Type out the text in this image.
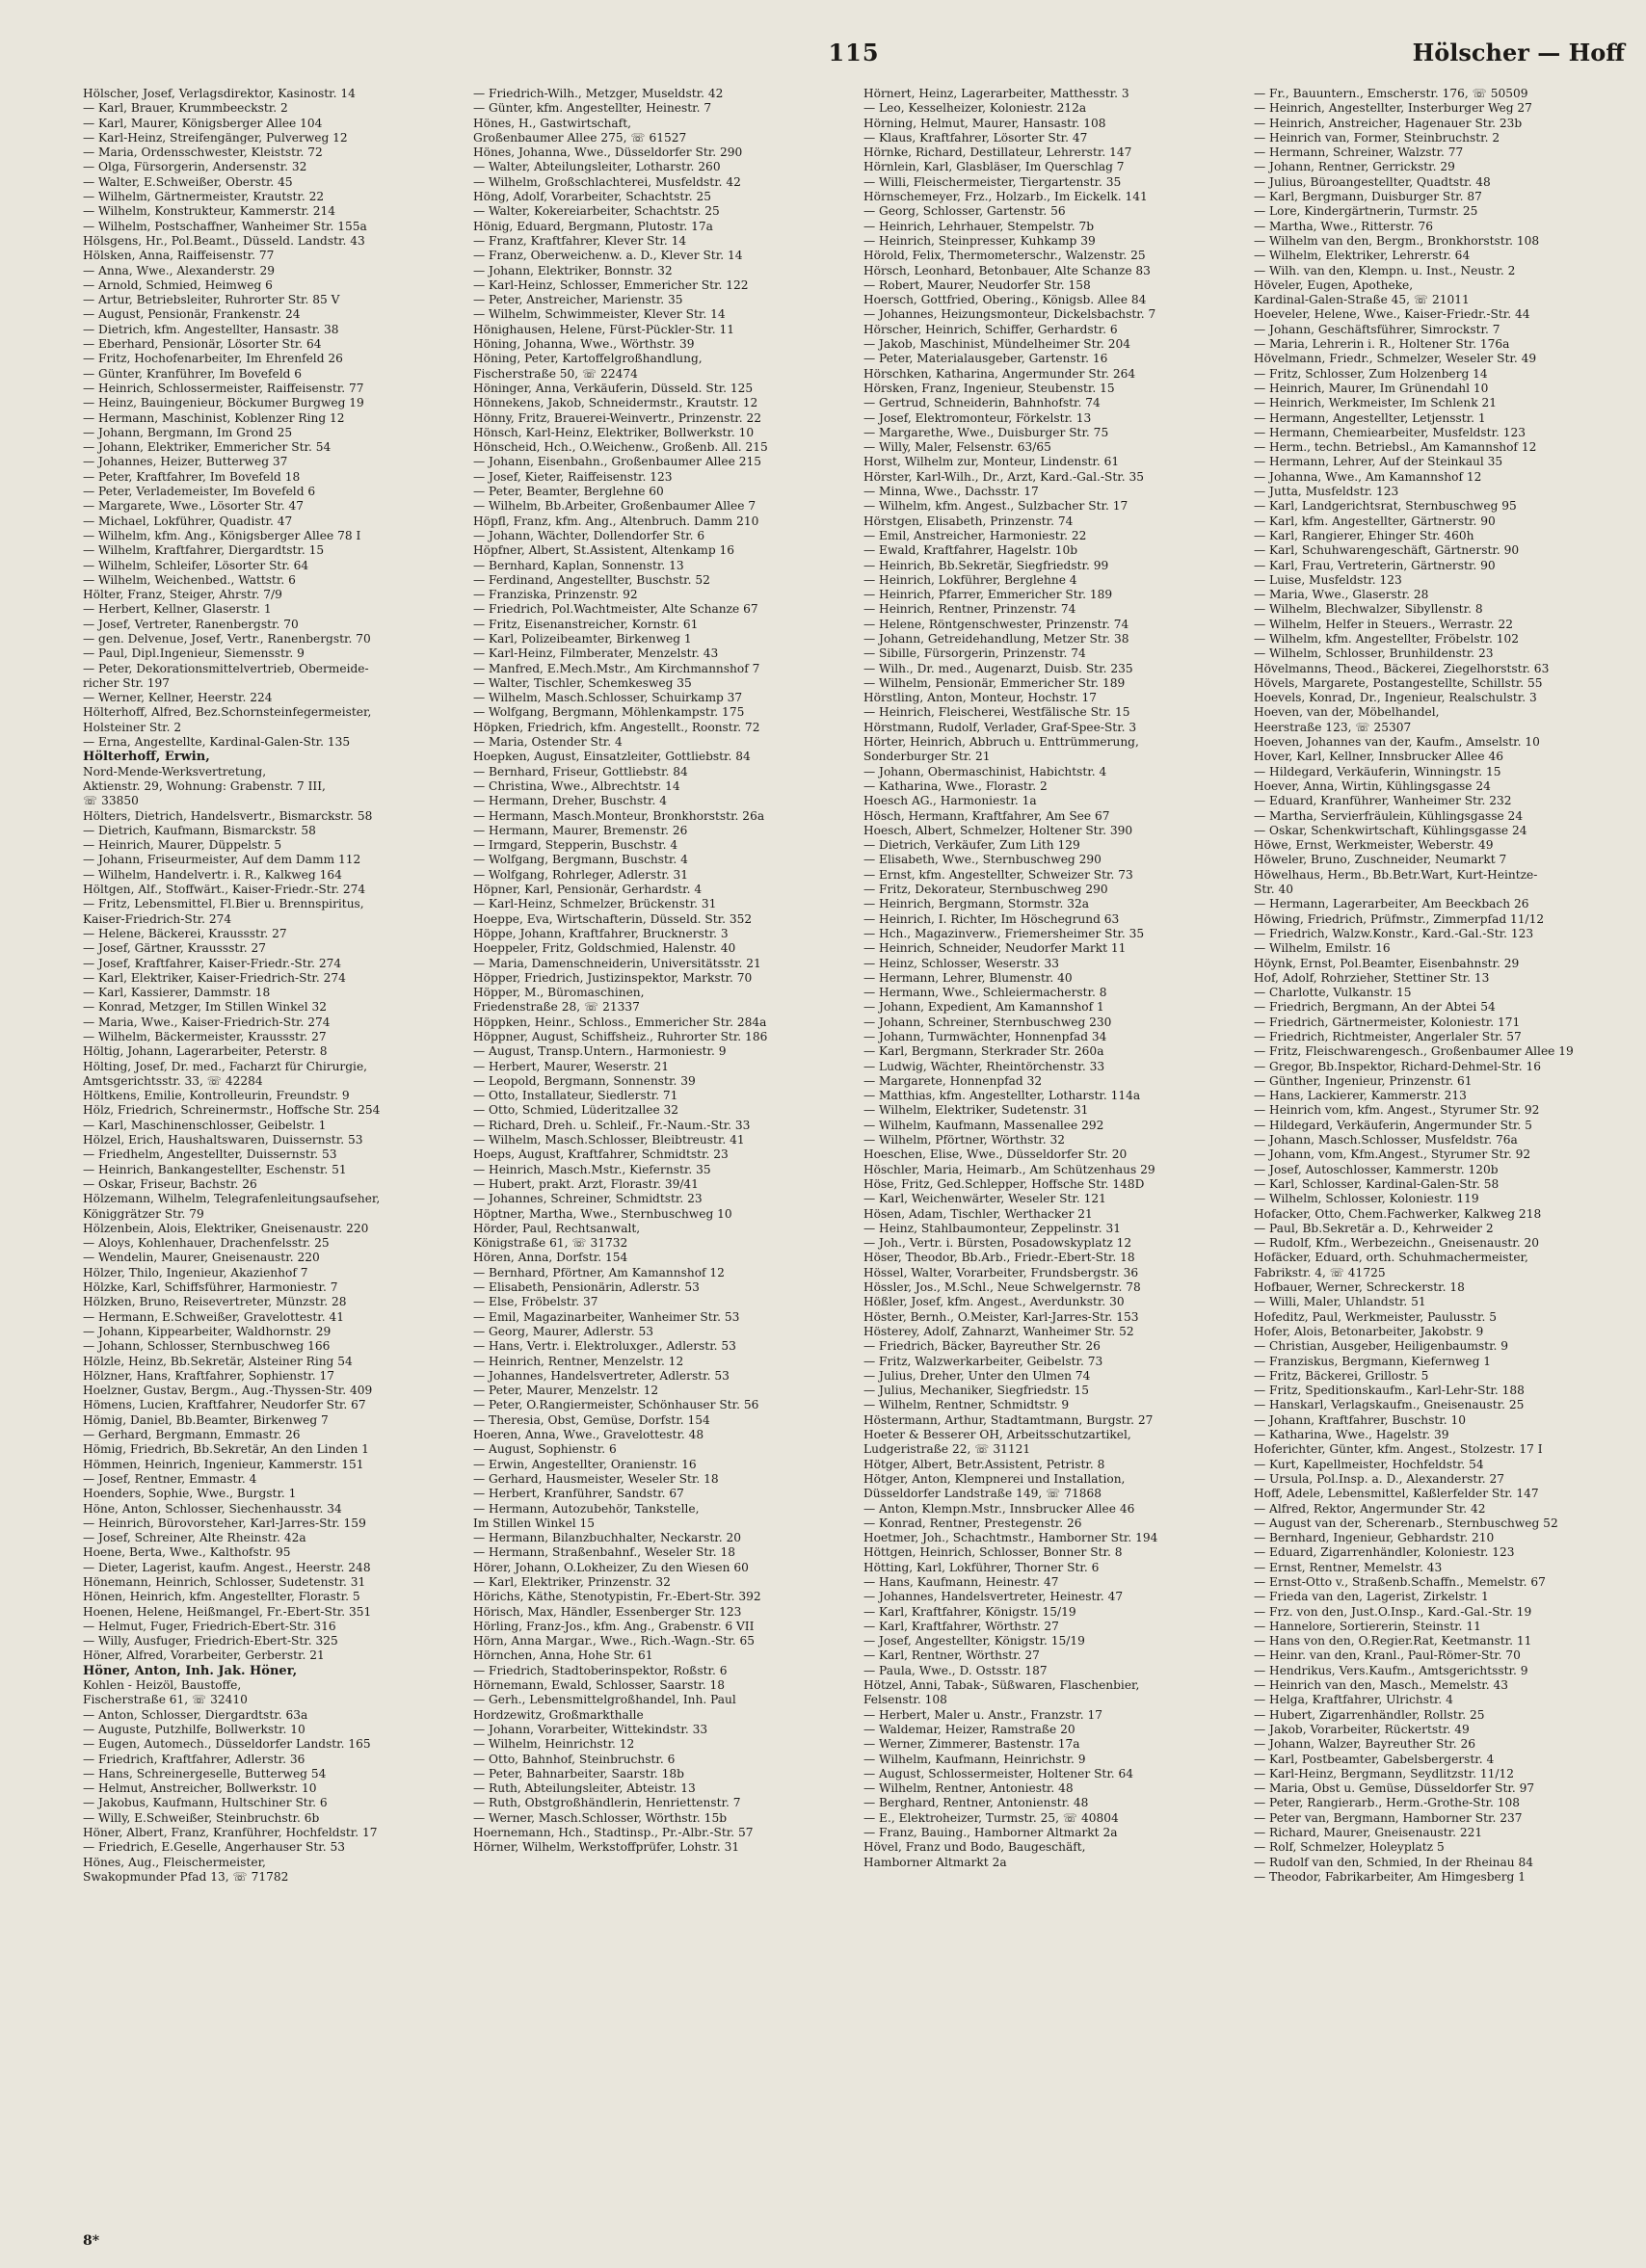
115	Hölscher — Hoff
Hölscher, Josef, Verlagsdirektor, Kasinostr. 14
— Karl, Brauer, Krummbeeckstr. 2
— Karl, Maurer, Königsberger Allee 104
— Karl-Heinz, Streifengänger, Pulverweg 12
— Maria, Ordensschwester, Kleiststr. 72
— Olga, Fürsorgerin, Andersenstr. 32
— Walter, E.Schweißer, Oberstr. 45
— Wilhelm, Gärtnermeister, Krautstr. 22
— Wilhelm, Konstrukteur, Kammerstr. 214
— Wilhelm, Postschaffner, Wanheimer Str. 155a
Hölsgens, Hr., Pol.Beamt., Düsseld. Landstr. 43
Hölsken, Anna, Raiffeisenstr. 77
— Anna, Wwe., Alexanderstr. 29
— Arnold, Schmied, Heimweg 6
— Artur, Betriebsleiter, Ruhrorter Str. 85 V
— August, Pensionär, Frankenstr. 24
— Dietrich, kfm. Angestellter, Hansastr. 38
— Eberhard, Pensionär, Lösorter Str. 64
— Fritz, Hochofenarbeiter, Im Ehrenfeld 26
— Günter, Kranführer, Im Bovefeld 6
— Heinrich, Schlossermeister, Raiffeisenstr. 77
— Heinz, Bauingenieur, Böckumer Burgweg 19
— Hermann, Maschinist, Koblenzer Ring 12
— Johann, Bergmann, Im Grond 25
— Johann, Elektriker, Emmericher Str. 54
— Johannes, Heizer, Butterweg 37
— Peter, Kraftfahrer, Im Bovefeld 18
— Peter, Verlademeister, Im Bovefeld 6
— Margarete, Wwe., Lösorter Str. 47
— Michael, Lokführer, Quadistr. 47
— Wilhelm, kfm. Ang., Königsberger Allee 78 I
— Wilhelm, Kraftfahrer, Diergardtstr. 15
— Wilhelm, Schleifer, Lösorter Str. 64
— Wilhelm, Weichenbed., Wattstr. 6
Hölter, Franz, Steiger, Ahrstr. 7/9
— Herbert, Kellner, Glaserstr. 1
— Josef, Vertreter, Ranenbergstr. 70
— gen. Delvenue, Josef, Vertr., Ranenbergstr. 70
— Paul, Dipl.Ingenieur, Siemensstr. 9
— Peter, Dekorationsmittelvertrieb, Obermeide-
richer Str. 197
— Werner, Kellner, Heerstr. 224
Hölterhoff, Alfred, Bez.Schornsteinfegermeister,
Holsteiner Str. 2
— Erna, Angestellte, Kardinal-Galen-Str. 135
Hölterhoff, Erwin,
Nord-Mende-Werksvertretung,
Aktienstr. 29, Wohnung: Grabenstr. 7 III,
☏ 33850
Hölters, Dietrich, Handelsvertr., Bismarckstr. 58
— Dietrich, Kaufmann, Bismarckstr. 58
— Heinrich, Maurer, Düppelstr. 5
— Johann, Friseurmeister, Auf dem Damm 112
— Wilhelm, Handelvertr. i. R., Kalkweg 164
Höltgen, Alf., Stoffwärt., Kaiser-Friedr.-Str. 274
— Fritz, Lebensmittel, Fl.Bier u. Brennspiritus,
Kaiser-Friedrich-Str. 274
— Helene, Bäckerei, Kraussstr. 27
— Josef, Gärtner, Kraussstr. 27
— Josef, Kraftfahrer, Kaiser-Friedr.-Str. 274
— Karl, Elektriker, Kaiser-Friedrich-Str. 274
— Karl, Kassierer, Dammstr. 18
— Konrad, Metzger, Im Stillen Winkel 32
— Maria, Wwe., Kaiser-Friedrich-Str. 274
— Wilhelm, Bäckermeister, Kraussstr. 27
Höltig, Johann, Lagerarbeiter, Peterstr. 8
Hölting, Josef, Dr. med., Facharzt für Chirurgie,
Amtsgerichtsstr. 33, ☏ 42284
Höltkens, Emilie, Kontrolleurin, Freundstr. 9
Hölz, Friedrich, Schreinermstr., Hoffsche Str. 254
— Karl, Maschinenschlosser, Geibelstr. 1
Hölzel, Erich, Haushaltswaren, Duissernstr. 53
— Friedhelm, Angestellter, Duissernstr. 53
— Heinrich, Bankangestellter, Eschenstr. 51
— Oskar, Friseur, Bachstr. 26
Hölzemann, Wilhelm, Telegrafenleitungsaufseher,
Königgrätzer Str. 79
Hölzenbein, Alois, Elektriker, Gneisenaustr. 220
— Aloys, Kohlenhauer, Drachenfelsstr. 25
— Wendelin, Maurer, Gneisenaustr. 220
Hölzer, Thilo, Ingenieur, Akazienhof 7
Hölzke, Karl, Schiffsführer, Harmoniestr. 7
Hölzken, Bruno, Reisevertreter, Münzstr. 28
— Hermann, E.Schweißer, Gravelottestr. 41
— Johann, Kippearbeiter, Waldhornstr. 29
— Johann, Schlosser, Sternbuschweg 166
Hölzle, Heinz, Bb.Sekretär, Alsteiner Ring 54
Hölzner, Hans, Kraftfahrer, Sophienstr. 17
Hoelzner, Gustav, Bergm., Aug.-Thyssen-Str. 409
Hömens, Lucien, Kraftfahrer, Neudorfer Str. 67
Hömig, Daniel, Bb.Beamter, Birkenweg 7
— Gerhard, Bergmann, Emmastr. 26
Hömig, Friedrich, Bb.Sekretär, An den Linden 1
Hömmen, Heinrich, Ingenieur, Kammerstr. 151
— Josef, Rentner, Emmastr. 4
Hoenders, Sophie, Wwe., Burgstr. 1
Höne, Anton, Schlosser, Siechenhausstr. 34
— Heinrich, Bürovorsteher, Karl-Jarres-Str. 159
— Josef, Schreiner, Alte Rheinstr. 42a
Hoene, Berta, Wwe., Kalthofstr. 95
— Dieter, Lagerist, kaufm. Angest., Heerstr. 248
Hönemann, Heinrich, Schlosser, Sudetenstr. 31
Hönen, Heinrich, kfm. Angestellter, Florastr. 5
Hoenen, Helene, Heißmangel, Fr.-Ebert-Str. 351
— Helmut, Fuger, Friedrich-Ebert-Str. 316
— Willy, Ausfuger, Friedrich-Ebert-Str. 325
Höner, Alfred, Vorarbeiter, Gerberstr. 21
Höner, Anton, Inh. Jak. Höner,
Kohlen - Heizöl, Baustoffe,
Fischerstraße 61, ☏ 32410
— Anton, Schlosser, Diergardtstr. 63a
— Auguste, Putzhilfe, Bollwerkstr. 10
— Eugen, Automech., Düsseldorfer Landstr. 165
— Friedrich, Kraftfahrer, Adlerstr. 36
— Hans, Schreinergeselle, Butterweg 54
— Helmut, Anstreicher, Bollwerkstr. 10
— Jakobus, Kaufmann, Hultschiner Str. 6
— Willy, E.Schweißer, Steinbruchstr. 6b
Höner, Albert, Franz, Kranführer, Hochfeldstr. 17
— Friedrich, E.Geselle, Angerhauser Str. 53
Hönes, Aug., Fleischermeister,
Swakopmunder Pfad 13, ☏ 71782
— Friedrich-Wilh., Metzger, Museldstr. 42
— Günter, kfm. Angestellter, Heinestr. 7
Hönes, H., Gastwirtschaft,
Großenbaumer Allee 275, ☏ 61527
Hönes, Johanna, Wwe., Düsseldorfer Str. 290
— Walter, Abteilungsleiter, Lotharstr. 260
— Wilhelm, Großschlachterei, Musfeldstr. 42
Höng, Adolf, Vorarbeiter, Schachtstr. 25
— Walter, Kokereiarbeiter, Schachtstr. 25
Hönig, Eduard, Bergmann, Plutostr. 17a
— Franz, Kraftfahrer, Klever Str. 14
— Franz, Oberweichenw. a. D., Klever Str. 14
— Johann, Elektriker, Bonnstr. 32
— Karl-Heinz, Schlosser, Emmericher Str. 122
— Peter, Anstreicher, Marienstr. 35
— Wilhelm, Schwimmeister, Klever Str. 14
Hönighausen, Helene, Fürst-Pückler-Str. 11
Höning, Johanna, Wwe., Wörthstr. 39
Höning, Peter, Kartoffelgroßhandlung,
Fischerstraße 50, ☏ 22474
Höninger, Anna, Verkäuferin, Düsseld. Str. 125
Hönnekens, Jakob, Schneidermstr., Krautstr. 12
Hönny, Fritz, Brauerei-Weinvertr., Prinzenstr. 22
Hönsch, Karl-Heinz, Elektriker, Bollwerkstr. 10
Hönscheid, Hch., O.Weichenw., Großenb. All. 215
— Johann, Eisenbahn., Großenbaumer Allee 215
— Josef, Kieter, Raiffeisenstr. 123
— Peter, Beamter, Berglehne 60
— Wilhelm, Bb.Arbeiter, Großenbaumer Allee 7
Höpfl, Franz, kfm. Ang., Altenbruch. Damm 210
— Johann, Wächter, Dollendorfer Str. 6
Höpfner, Albert, St.Assistent, Altenkamp 16
— Bernhard, Kaplan, Sonnenstr. 13
— Ferdinand, Angestellter, Buschstr. 52
— Franziska, Prinzenstr. 92
— Friedrich, Pol.Wachtmeister, Alte Schanze 67
— Fritz, Eisenanstreicher, Kornstr. 61
— Karl, Polizeibeamter, Birkenweg 1
— Karl-Heinz, Filmberater, Menzelstr. 43
— Manfred, E.Mech.Mstr., Am Kirchmannshof 7
— Walter, Tischler, Schemkesweg 35
— Wilhelm, Masch.Schlosser, Schuirkamp 37
— Wolfgang, Bergmann, Möhlenkampstr. 175
Höpken, Friedrich, kfm. Angestellt., Roonstr. 72
— Maria, Ostender Str. 4
Hoepken, August, Einsatzleiter, Gottliebstr. 84
— Bernhard, Friseur, Gottliebstr. 84
— Christina, Wwe., Albrechtstr. 14
— Hermann, Dreher, Buschstr. 4
— Hermann, Masch.Monteur, Bronkhorststr. 26a
— Hermann, Maurer, Bremenstr. 26
— Irmgard, Stepperin, Buschstr. 4
— Wolfgang, Bergmann, Buschstr. 4
— Wolfgang, Rohrleger, Adlerstr. 31
Höpner, Karl, Pensionär, Gerhardstr. 4
— Karl-Heinz, Schmelzer, Brückenstr. 31
Hoeppe, Eva, Wirtschafterin, Düsseld. Str. 352
Höppe, Johann, Kraftfahrer, Brucknerstr. 3
Hoeppeler, Fritz, Goldschmied, Halenstr. 40
— Maria, Damenschneiderin, Universitätsstr. 21
Höpper, Friedrich, Justizinspektor, Markstr. 70
Höpper, M., Büromaschinen,
Friedenstraße 28, ☏ 21337
Höppken, Heinr., Schloss., Emmericher Str. 284a
Höppner, August, Schiffsheiz., Ruhrorter Str. 186
— August, Transp.Untern., Harmoniestr. 9
— Herbert, Maurer, Weserstr. 21
— Leopold, Bergmann, Sonnenstr. 39
— Otto, Installateur, Siedlerstr. 71
— Otto, Schmied, Lüderitzallee 32
— Richard, Dreh. u. Schleif., Fr.-Naum.-Str. 33
— Wilhelm, Masch.Schlosser, Bleibtreustr. 41
Hoeps, August, Kraftfahrer, Schmidtstr. 23
— Heinrich, Masch.Mstr., Kiefernstr. 35
— Hubert, prakt. Arzt, Florastr. 39/41
— Johannes, Schreiner, Schmidtstr. 23
Höptner, Martha, Wwe., Sternbuschweg 10
Hörder, Paul, Rechtsanwalt,
Königstraße 61, ☏ 31732
Hören, Anna, Dorfstr. 154
— Bernhard, Pförtner, Am Kamannshof 12
— Elisabeth, Pensionärin, Adlerstr. 53
— Else, Fröbelstr. 37
— Emil, Magazinarbeiter, Wanheimer Str. 53
— Georg, Maurer, Adlerstr. 53
— Hans, Vertr. i. Elektroluxger., Adlerstr. 53
— Heinrich, Rentner, Menzelstr. 12
— Johannes, Handelsvertreter, Adlerstr. 53
— Peter, Maurer, Menzelstr. 12
— Peter, O.Rangiermeister, Schönhauser Str. 56
— Theresia, Obst, Gemüse, Dorfstr. 154
Hoeren, Anna, Wwe., Gravelottestr. 48
— August, Sophienstr. 6
— Erwin, Angestellter, Oranienstr. 16
— Gerhard, Hausmeister, Weseler Str. 18
— Herbert, Kranführer, Sandstr. 67
— Hermann, Autozubehör, Tankstelle,
Im Stillen Winkel 15
— Hermann, Bilanzbuchhalter, Neckarstr. 20
— Hermann, Straßenbahnf., Weseler Str. 18
Hörer, Johann, O.Lokheizer, Zu den Wiesen 60
— Karl, Elektriker, Prinzenstr. 32
Hörichs, Käthe, Stenotypistin, Fr.-Ebert-Str. 392
Hörisch, Max, Händler, Essenberger Str. 123
Hörling, Franz-Jos., kfm. Ang., Grabenstr. 6 VII
Hörn, Anna Margar., Wwe., Rich.-Wagn.-Str. 65
Hörnchen, Anna, Hohe Str. 61
— Friedrich, Stadtoberinspektor, Roßstr. 6
Hörnemann, Ewald, Schlosser, Saarstr. 18
— Gerh., Lebensmittelgroßhandel, Inh. Paul
Hordzewitz, Großmarkthalle
— Johann, Vorarbeiter, Wittekindstr. 33
— Wilhelm, Heinrichstr. 12
— Otto, Bahnhof, Steinbruchstr. 6
— Peter, Bahnarbeiter, Saarstr. 18b
— Ruth, Abteilungsleiter, Abteistr. 13
— Ruth, Obstgroßhändlerin, Henriettenstr. 7
— Werner, Masch.Schlosser, Wörthstr. 15b
Hoernemann, Hch., Stadtinsp., Pr.-Albr.-Str. 57
Hörner, Wilhelm, Werkstoffprüfer, Lohstr. 31
Hörnert, Heinz, Lagerarbeiter, Matthesstr. 3
— Leo, Kesselheizer, Koloniestr. 212a
Hörning, Helmut, Maurer, Hansastr. 108
— Klaus, Kraftfahrer, Lösorter Str. 47
Hörnke, Richard, Destillateur, Lehrerstr. 147
Hörnlein, Karl, Glasbläser, Im Querschlag 7
— Willi, Fleischermeister, Tiergartenstr. 35
Hörnschemeyer, Frz., Holzarb., Im Eickelk. 141
— Georg, Schlosser, Gartenstr. 56
— Heinrich, Lehrhauer, Stempelstr. 7b
— Heinrich, Steinpresser, Kuhkamp 39
Hörold, Felix, Thermometerschr., Walzenstr. 25
Hörsch, Leonhard, Betonbauer, Alte Schanze 83
— Robert, Maurer, Neudorfer Str. 158
Hoersch, Gottfried, Obering., Königsb. Allee 84
— Johannes, Heizungsmonteur, Dickelsbachstr. 7
Hörscher, Heinrich, Schiffer, Gerhardstr. 6
— Jakob, Maschinist, Mündelheimer Str. 204
— Peter, Materialausgeber, Gartenstr. 16
Hörschken, Katharina, Angermunder Str. 264
Hörsken, Franz, Ingenieur, Steubenstr. 15
— Gertrud, Schneiderin, Bahnhofstr. 74
— Josef, Elektromonteur, Förkelstr. 13
— Margarethe, Wwe., Duisburger Str. 75
— Willy, Maler, Felsenstr. 63/65
Horst, Wilhelm zur, Monteur, Lindenstr. 61
Hörster, Karl-Wilh., Dr., Arzt, Kard.-Gal.-Str. 35
— Minna, Wwe., Dachsstr. 17
— Wilhelm, kfm. Angest., Sulzbacher Str. 17
Hörstgen, Elisabeth, Prinzenstr. 74
— Emil, Anstreicher, Harmoniestr. 22
— Ewald, Kraftfahrer, Hagelstr. 10b
— Heinrich, Bb.Sekretär, Siegfriedstr. 99
— Heinrich, Lokführer, Berglehne 4
— Heinrich, Pfarrer, Emmericher Str. 189
— Heinrich, Rentner, Prinzenstr. 74
— Helene, Röntgenschwester, Prinzenstr. 74
— Johann, Getreidehandlung, Metzer Str. 38
— Sibille, Fürsorgerin, Prinzenstr. 74
— Wilh., Dr. med., Augenarzt, Duisb. Str. 235
— Wilhelm, Pensionär, Emmericher Str. 189
Hörstling, Anton, Monteur, Hochstr. 17
— Heinrich, Fleischerei, Westfälische Str. 15
Hörstmann, Rudolf, Verlader, Graf-Spee-Str. 3
Hörter, Heinrich, Abbruch u. Enttrümmerung,
Sonderburger Str. 21
— Johann, Obermaschinist, Habichtstr. 4
— Katharina, Wwe., Florastr. 2
Hoesch AG., Harmoniestr. 1a
Hösch, Hermann, Kraftfahrer, Am See 67
Hoesch, Albert, Schmelzer, Holtener Str. 390
— Dietrich, Verkäufer, Zum Lith 129
— Elisabeth, Wwe., Sternbuschweg 290
— Ernst, kfm. Angestellter, Schweizer Str. 73
— Fritz, Dekorateur, Sternbuschweg 290
— Heinrich, Bergmann, Stormstr. 32a
— Heinrich, I. Richter, Im Höschegrund 63
— Hch., Magazinverw., Friemersheimer Str. 35
— Heinrich, Schneider, Neudorfer Markt 11
— Heinz, Schlosser, Weserstr. 33
— Hermann, Lehrer, Blumenstr. 40
— Hermann, Wwe., Schleiermacherstr. 8
— Johann, Expedient, Am Kamannshof 1
— Johann, Schreiner, Sternbuschweg 230
— Johann, Turmwächter, Honnenpfad 34
— Karl, Bergmann, Sterkrader Str. 260a
— Ludwig, Wächter, Rheintörchenstr. 33
— Margarete, Honnenpfad 32
— Matthias, kfm. Angestellter, Lotharstr. 114a
— Wilhelm, Elektriker, Sudetenstr. 31
— Wilhelm, Kaufmann, Massenallee 292
— Wilhelm, Pförtner, Wörthstr. 32
Hoeschen, Elise, Wwe., Düsseldorfer Str. 20
Höschler, Maria, Heimarb., Am Schützenhaus 29
Höse, Fritz, Ged.Schlepper, Hoffsche Str. 148D
— Karl, Weichenwärter, Weseler Str. 121
Hösen, Adam, Tischler, Werthacker 21
— Heinz, Stahlbaumonteur, Zeppelinstr. 31
— Joh., Vertr. i. Bürsten, Posadowskyplatz 12
Höser, Theodor, Bb.Arb., Friedr.-Ebert-Str. 18
Hössel, Walter, Vorarbeiter, Frundsbergstr. 36
Hössler, Jos., M.Schl., Neue Schwelgernstr. 78
Hößler, Josef, kfm. Angest., Averdunkstr. 30
Höster, Bernh., O.Meister, Karl-Jarres-Str. 153
Hösterey, Adolf, Zahnarzt, Wanheimer Str. 52
— Friedrich, Bäcker, Bayreuther Str. 26
— Fritz, Walzwerkarbeiter, Geibelstr. 73
— Julius, Dreher, Unter den Ulmen 74
— Julius, Mechaniker, Siegfriedstr. 15
— Wilhelm, Rentner, Schmidtstr. 9
Höstermann, Arthur, Stadtamtmann, Burgstr. 27
Hoeter & Besserer OH, Arbeitsschutzartikel,
Ludgeristraße 22, ☏ 31121
Hötger, Albert, Betr.Assistent, Petristr. 8
Hötger, Anton, Klempnerei und Installation,
Düsseldorfer Landstraße 149, ☏ 71868
— Anton, Klempn.Mstr., Innsbrucker Allee 46
— Konrad, Rentner, Prestegenstr. 26
Hoetmer, Joh., Schachtmstr., Hamborner Str. 194
Höttgen, Heinrich, Schlosser, Bonner Str. 8
Hötting, Karl, Lokführer, Thorner Str. 6
— Hans, Kaufmann, Heinestr. 47
— Johannes, Handelsvertreter, Heinestr. 47
— Karl, Kraftfahrer, Königstr. 15/19
— Karl, Kraftfahrer, Wörthstr. 27
— Josef, Angestellter, Königstr. 15/19
— Karl, Rentner, Wörthstr. 27
— Paula, Wwe., D. Ostsstr. 187
Hötzel, Anni, Tabak-, Süßwaren, Flaschenbier,
Felsenstr. 108
— Herbert, Maler u. Anstr., Franzstr. 17
— Waldemar, Heizer, Ramstraße 20
— Werner, Zimmerer, Bastenstr. 17a
— Wilhelm, Kaufmann, Heinrichstr. 9
— August, Schlossermeister, Holtener Str. 64
— Wilhelm, Rentner, Antoniestr. 48
— Berghard, Rentner, Antonienstr. 48
— E., Elektroheizer, Turmstr. 25, ☏ 40804
— Franz, Bauing., Hamborner Altmarkt 2a
Hövel, Franz und Bodo, Baugeschäft,
Hamborner Altmarkt 2a
— Fr., Bauuntern., Emscherstr. 176, ☏ 50509
— Heinrich, Angestellter, Insterburger Weg 27
— Heinrich, Anstreicher, Hagenauer Str. 23b
— Heinrich van, Former, Steinbruchstr. 2
— Hermann, Schreiner, Walzstr. 77
— Johann, Rentner, Gerrickstr. 29
— Julius, Büroangestellter, Quadtstr. 48
— Karl, Bergmann, Duisburger Str. 87
— Lore, Kindergärtnerin, Turmstr. 25
— Martha, Wwe., Ritterstr. 76
— Wilhelm van den, Bergm., Bronkhorststr. 108
— Wilhelm, Elektriker, Lehrerstr. 64
— Wilh. van den, Klempn. u. Inst., Neustr. 2
Höveler, Eugen, Apotheke,
Kardinal-Galen-Straße 45, ☏ 21011
Hoeveler, Helene, Wwe., Kaiser-Friedr.-Str. 44
— Johann, Geschäftsführer, Simrockstr. 7
— Maria, Lehrerin i. R., Holtener Str. 176a
Hövelmann, Friedr., Schmelzer, Weseler Str. 49
— Fritz, Schlosser, Zum Holzenberg 14
— Heinrich, Maurer, Im Grünendahl 10
— Heinrich, Werkmeister, Im Schlenk 21
— Hermann, Angestellter, Letjensstr. 1
— Hermann, Chemiearbeiter, Musfeldstr. 123
— Herm., techn. Betriebsl., Am Kamannshof 12
— Hermann, Lehrer, Auf der Steinkaul 35
— Johanna, Wwe., Am Kamannshof 12
— Jutta, Musfeldstr. 123
— Karl, Landgerichtsrat, Sternbuschweg 95
— Karl, kfm. Angestellter, Gärtnerstr. 90
— Karl, Rangierer, Ehinger Str. 460h
— Karl, Schuhwarengeschäft, Gärtnerstr. 90
— Karl, Frau, Vertreterin, Gärtnerstr. 90
— Luise, Musfeldstr. 123
— Maria, Wwe., Glaserstr. 28
— Wilhelm, Blechwalzer, Sibyllenstr. 8
— Wilhelm, Helfer in Steuers., Werrastr. 22
— Wilhelm, kfm. Angestellter, Fröbelstr. 102
— Wilhelm, Schlosser, Brunhildenstr. 23
Hövelmanns, Theod., Bäckerei, Ziegelhorststr. 63
Hövels, Margarete, Postangestellte, Schillstr. 55
Hoevels, Konrad, Dr., Ingenieur, Realschulstr. 3
Hoeven, van der, Möbelhandel,
Heerstraße 123, ☏ 25307
Hoeven, Johannes van der, Kaufm., Amselstr. 10
Hover, Karl, Kellner, Innsbrucker Allee 46
— Hildegard, Verkäuferin, Winningstr. 15
Hoever, Anna, Wirtin, Kühlingsgasse 24
— Eduard, Kranführer, Wanheimer Str. 232
— Martha, Servierfräulein, Kühlingsgasse 24
— Oskar, Schenkwirtschaft, Kühlingsgasse 24
Höwe, Ernst, Werkmeister, Weberstr. 49
Höweler, Bruno, Zuschneider, Neumarkt 7
Höwelhaus, Herm., Bb.Betr.Wart, Kurt-Heintze-
Str. 40
— Hermann, Lagerarbeiter, Am Beeckbach 26
Höwing, Friedrich, Prüfmstr., Zimmerpfad 11/12
— Friedrich, Walzw.Konstr., Kard.-Gal.-Str. 123
— Wilhelm, Emilstr. 16
Höynk, Ernst, Pol.Beamter, Eisenbahnstr. 29
Hof, Adolf, Rohrzieher, Stettiner Str. 13
— Charlotte, Vulkanstr. 15
— Friedrich, Bergmann, An der Abtei 54
— Friedrich, Gärtnermeister, Koloniestr. 171
— Friedrich, Richtmeister, Angerlaler Str. 57
— Fritz, Fleischwarengesch., Großenbaumer Allee 19
— Gregor, Bb.Inspektor, Richard-Dehmel-Str. 16
— Günther, Ingenieur, Prinzenstr. 61
— Hans, Lackierer, Kammerstr. 213
— Heinrich vom, kfm. Angest., Styrumer Str. 92
— Hildegard, Verkäuferin, Angermunder Str. 5
— Johann, Masch.Schlosser, Musfeldstr. 76a
— Johann, vom, Kfm.Angest., Styrumer Str. 92
— Josef, Autoschlosser, Kammerstr. 120b
— Karl, Schlosser, Kardinal-Galen-Str. 58
— Wilhelm, Schlosser, Koloniestr. 119
Hofacker, Otto, Chem.Fachwerker, Kalkweg 218
— Paul, Bb.Sekretär a. D., Kehrweider 2
— Rudolf, Kfm., Werbezeichn., Gneisenaustr. 20
Hofäcker, Eduard, orth. Schuhmachermeister,
Fabrikstr. 4, ☏ 41725
Hofbauer, Werner, Schreckerstr. 18
— Willi, Maler, Uhlandstr. 51
Hofeditz, Paul, Werkmeister, Paulusstr. 5
Hofer, Alois, Betonarbeiter, Jakobstr. 9
— Christian, Ausgeber, Heiligenbaumstr. 9
— Franziskus, Bergmann, Kiefernweg 1
— Fritz, Bäckerei, Grillostr. 5
— Fritz, Speditionskaufm., Karl-Lehr-Str. 188
— Hanskarl, Verlagskaufm., Gneisenaustr. 25
— Johann, Kraftfahrer, Buschstr. 10
— Katharina, Wwe., Hagelstr. 39
Hoferichter, Günter, kfm. Angest., Stolzestr. 17 I
— Kurt, Kapellmeister, Hochfeldstr. 54
— Ursula, Pol.Insp. a. D., Alexanderstr. 27
Hoff, Adele, Lebensmittel, Kaßlerfelder Str. 147
— Alfred, Rektor, Angermunder Str. 42
— August van der, Scherenarb., Sternbuschweg 52
— Bernhard, Ingenieur, Gebhardstr. 210
— Eduard, Zigarrenhändler, Koloniestr. 123
— Ernst, Rentner, Memelstr. 43
— Ernst-Otto v., Straßenb.Schaffn., Memelstr. 67
— Frieda van den, Lagerist, Zirkelstr. 1
— Frz. von den, Just.O.Insp., Kard.-Gal.-Str. 19
— Hannelore, Sortiererin, Steinstr. 11
— Hans von den, O.Regier.Rat, Keetmanstr. 11
— Heinr. van den, Kranl., Paul-Römer-Str. 70
— Hendrikus, Vers.Kaufm., Amtsgerichtsstr. 9
— Heinrich van den, Masch., Memelstr. 43
— Helga, Kraftfahrer, Ulrichstr. 4
— Hubert, Zigarrenhändler, Rollstr. 25
— Jakob, Vorarbeiter, Rückertstr. 49
— Johann, Walzer, Bayreuther Str. 26
— Karl, Postbeamter, Gabelsbergerstr. 4
— Karl-Heinz, Bergmann, Seydlitzstr. 11/12
— Maria, Obst u. Gemüse, Düsseldorfer Str. 97
— Peter, Rangierarb., Herm.-Grothe-Str. 108
— Peter van, Bergmann, Hamborner Str. 237
— Richard, Maurer, Gneisenaustr. 221
— Rolf, Schmelzer, Holeyplatz 5
— Rudolf van den, Schmied, In der Rheinau 84
— Theodor, Fabrikarbeiter, Am Himgesberg 1
8*
